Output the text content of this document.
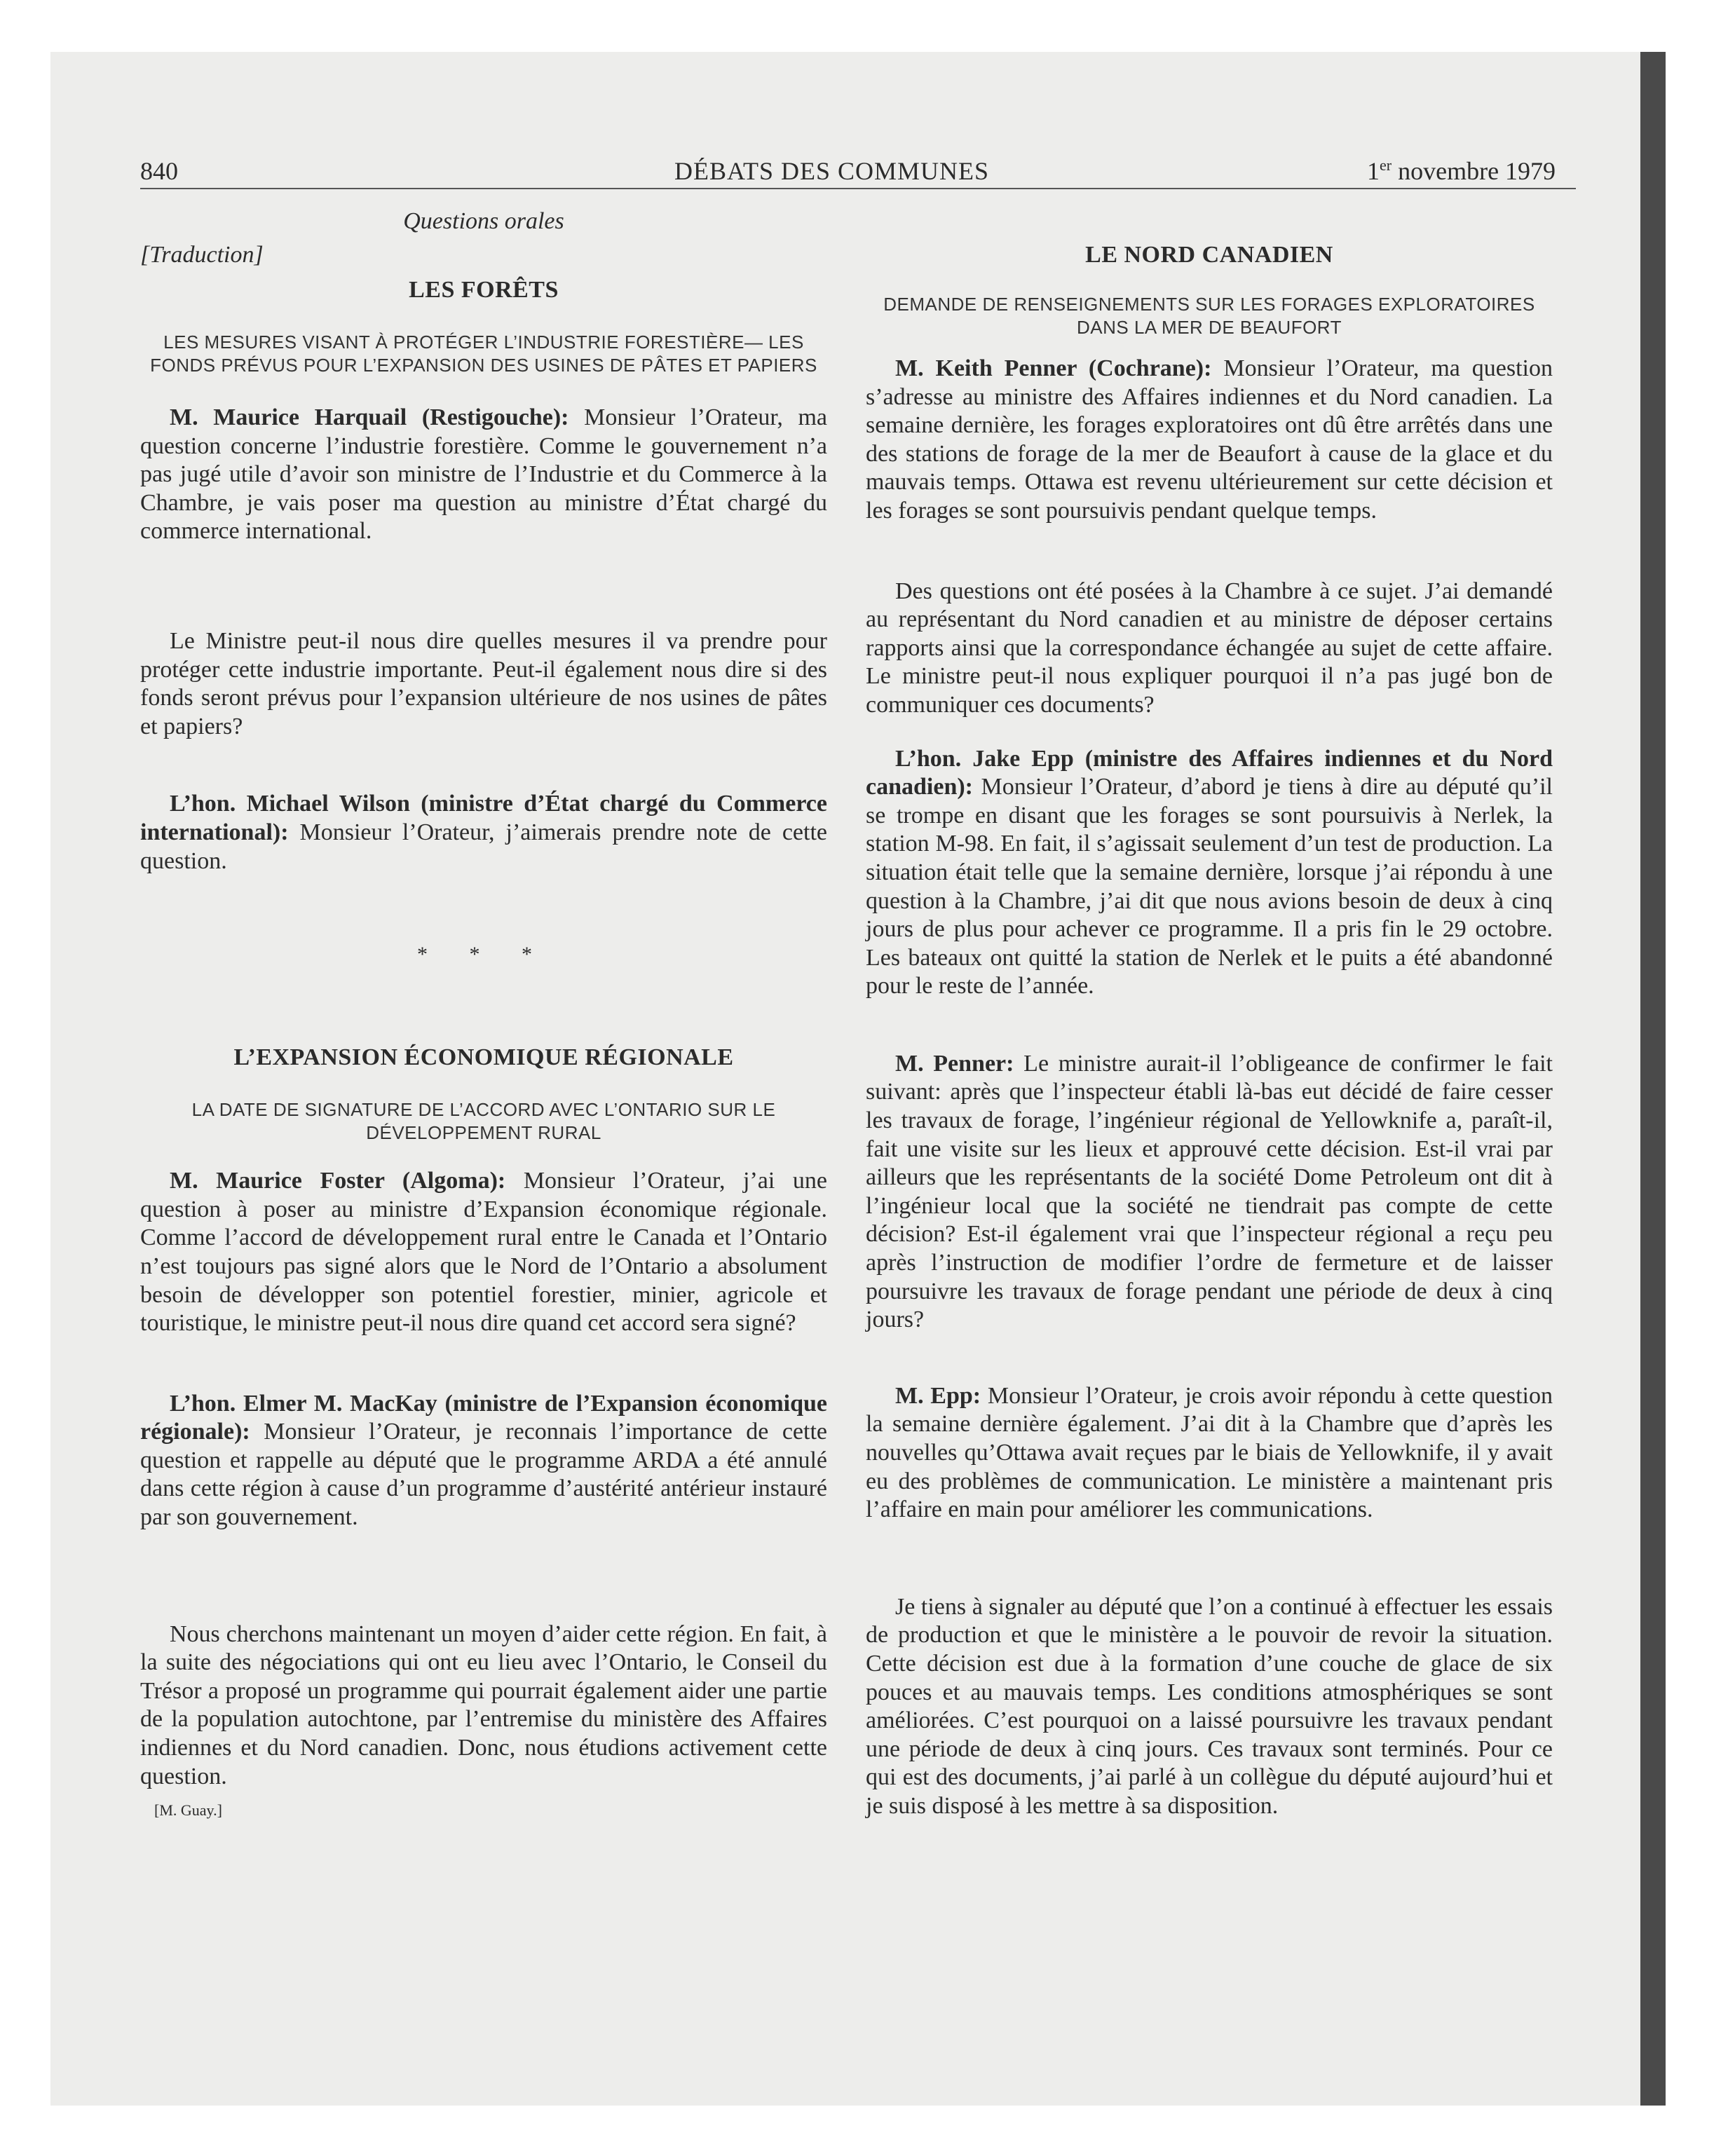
840	DÉBATS DES COMMUNES	1er novembre 1979
Questions orales
[Traduction]
LES FORÊTS
LES MESURES VISANT À PROTÉGER L’INDUSTRIE FORESTIÈRE— LES FONDS PRÉVUS POUR L’EXPANSION DES USINES DE PÂTES ET PAPIERS

M. Maurice Harquail (Restigouche): Monsieur l’Orateur, ma question concerne l’industrie forestière. Comme le gouvernement n’a pas jugé utile d’avoir son ministre de l’Industrie et du Commerce à la Chambre, je vais poser ma question au ministre d’État chargé du commerce international.

Le Ministre peut-il nous dire quelles mesures il va prendre pour protéger cette industrie importante. Peut-il également nous dire si des fonds seront prévus pour l’expansion ultérieure de nos usines de pâtes et papiers?

L’hon. Michael Wilson (ministre d’État chargé du Commerce international): Monsieur l’Orateur, j’aimerais prendre note de cette question.

* * *
L’EXPANSION ÉCONOMIQUE RÉGIONALE
LA DATE DE SIGNATURE DE L’ACCORD AVEC L’ONTARIO SUR LE DÉVELOPPEMENT RURAL

M. Maurice Foster (Algoma): Monsieur l’Orateur, j’ai une question à poser au ministre d’Expansion économique régionale. Comme l’accord de développement rural entre le Canada et l’Ontario n’est toujours pas signé alors que le Nord de l’Ontario a absolument besoin de développer son potentiel forestier, minier, agricole et touristique, le ministre peut-il nous dire quand cet accord sera signé?

L’hon. Elmer M. MacKay (ministre de l’Expansion économique régionale): Monsieur l’Orateur, je reconnais l’importance de cette question et rappelle au député que le programme ARDA a été annulé dans cette région à cause d’un programme d’austérité antérieur instauré par son gouvernement.

Nous cherchons maintenant un moyen d’aider cette région. En fait, à la suite des négociations qui ont eu lieu avec l’Ontario, le Conseil du Trésor a proposé un programme qui pourrait également aider une partie de la population autochtone, par l’entremise du ministère des Affaires indiennes et du Nord canadien. Donc, nous étudions activement cette question.

[M. Guay.]
LE NORD CANADIEN
DEMANDE DE RENSEIGNEMENTS SUR LES FORAGES EXPLORATOIRES DANS LA MER DE BEAUFORT

M. Keith Penner (Cochrane): Monsieur l’Orateur, ma question s’adresse au ministre des Affaires indiennes et du Nord canadien. La semaine dernière, les forages exploratoires ont dû être arrêtés dans une des stations de forage de la mer de Beaufort à cause de la glace et du mauvais temps. Ottawa est revenu ultérieurement sur cette décision et les forages se sont poursuivis pendant quelque temps.

Des questions ont été posées à la Chambre à ce sujet. J’ai demandé au représentant du Nord canadien et au ministre de déposer certains rapports ainsi que la correspondance échangée au sujet de cette affaire. Le ministre peut-il nous expliquer pourquoi il n’a pas jugé bon de communiquer ces documents?

L’hon. Jake Epp (ministre des Affaires indiennes et du Nord canadien): Monsieur l’Orateur, d’abord je tiens à dire au député qu’il se trompe en disant que les forages se sont poursuivis à Nerlek, la station M-98. En fait, il s’agissait seulement d’un test de production. La situation était telle que la semaine dernière, lorsque j’ai répondu à une question à la Chambre, j’ai dit que nous avions besoin de deux à cinq jours de plus pour achever ce programme. Il a pris fin le 29 octobre. Les bateaux ont quitté la station de Nerlek et le puits a été abandonné pour le reste de l’année.

M. Penner: Le ministre aurait-il l’obligeance de confirmer le fait suivant: après que l’inspecteur établi là-bas eut décidé de faire cesser les travaux de forage, l’ingénieur régional de Yellowknife a, paraît-il, fait une visite sur les lieux et approuvé cette décision. Est-il vrai par ailleurs que les représentants de la société Dome Petroleum ont dit à l’ingénieur local que la société ne tiendrait pas compte de cette décision? Est-il également vrai que l’inspecteur régional a reçu peu après l’instruction de modifier l’ordre de fermeture et de laisser poursuivre les travaux de forage pendant une période de deux à cinq jours?

M. Epp: Monsieur l’Orateur, je crois avoir répondu à cette question la semaine dernière également. J’ai dit à la Chambre que d’après les nouvelles qu’Ottawa avait reçues par le biais de Yellowknife, il y avait eu des problèmes de communication. Le ministère a maintenant pris l’affaire en main pour améliorer les communications.

Je tiens à signaler au député que l’on a continué à effectuer les essais de production et que le ministère a le pouvoir de revoir la situation. Cette décision est due à la formation d’une couche de glace de six pouces et au mauvais temps. Les conditions atmosphériques se sont améliorées. C’est pourquoi on a laissé poursuivre les travaux pendant une période de deux à cinq jours. Ces travaux sont terminés. Pour ce qui est des documents, j’ai parlé à un collègue du député aujourd’hui et je suis disposé à les mettre à sa disposition.
